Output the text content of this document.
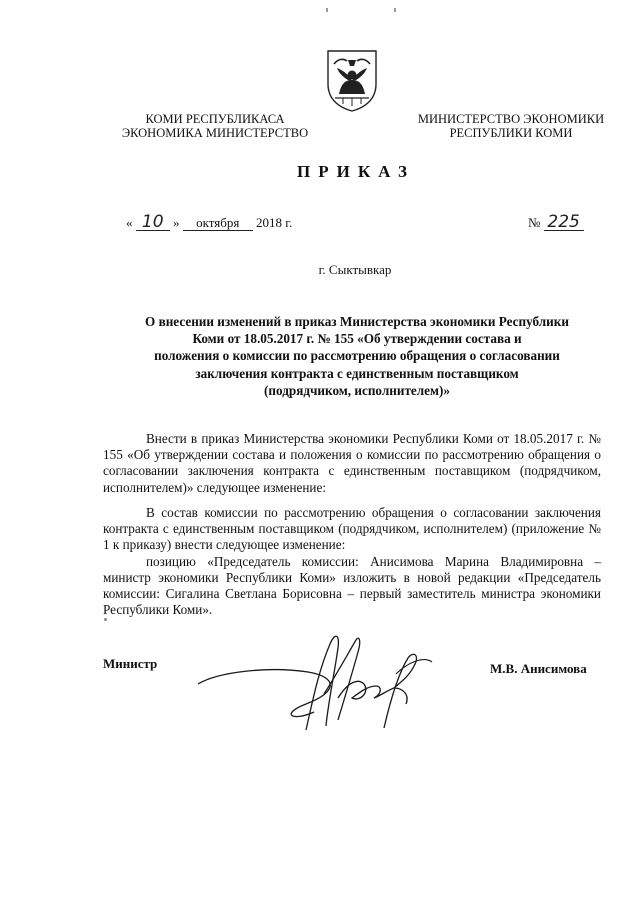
КОМИ РЕСПУБЛИКАСА
ЭКОНОМИКА МИНИСТЕРСТВО
МИНИСТЕРСТВО ЭКОНОМИКИ
РЕСПУБЛИКИ КОМИ
ПРИКАЗ
« 10 » октября 2018 г.	№ 225
г. Сыктывкар
О внесении изменений в приказ Министерства экономики Республики
Коми от 18.05.2017 г. № 155 «Об утверждении состава и
положения о комиссии по рассмотрению обращения о согласовании
заключения контракта с единственным поставщиком
(подрядчиком, исполнителем)»
Внести в приказ Министерства экономики Республики Коми от 18.05.2017 г. № 155 «Об утверждении состава и положения о комиссии по рассмотрению обращения о согласовании заключения контракта с единственным поставщиком (подрядчиком, исполнителем)» следующее изменение:
В состав комиссии по рассмотрению обращения о согласовании заключения контракта с единственным поставщиком (подрядчиком, исполнителем) (приложение № 1 к приказу) внести следующее изменение:
позицию «Председатель комиссии: Анисимова Марина Владимировна – министр экономики Республики Коми» изложить в новой редакции «Председатель комиссии: Сигалина Светлана Борисовна – первый заместитель министра экономики Республики Коми».
Министр	М.В. Анисимова
